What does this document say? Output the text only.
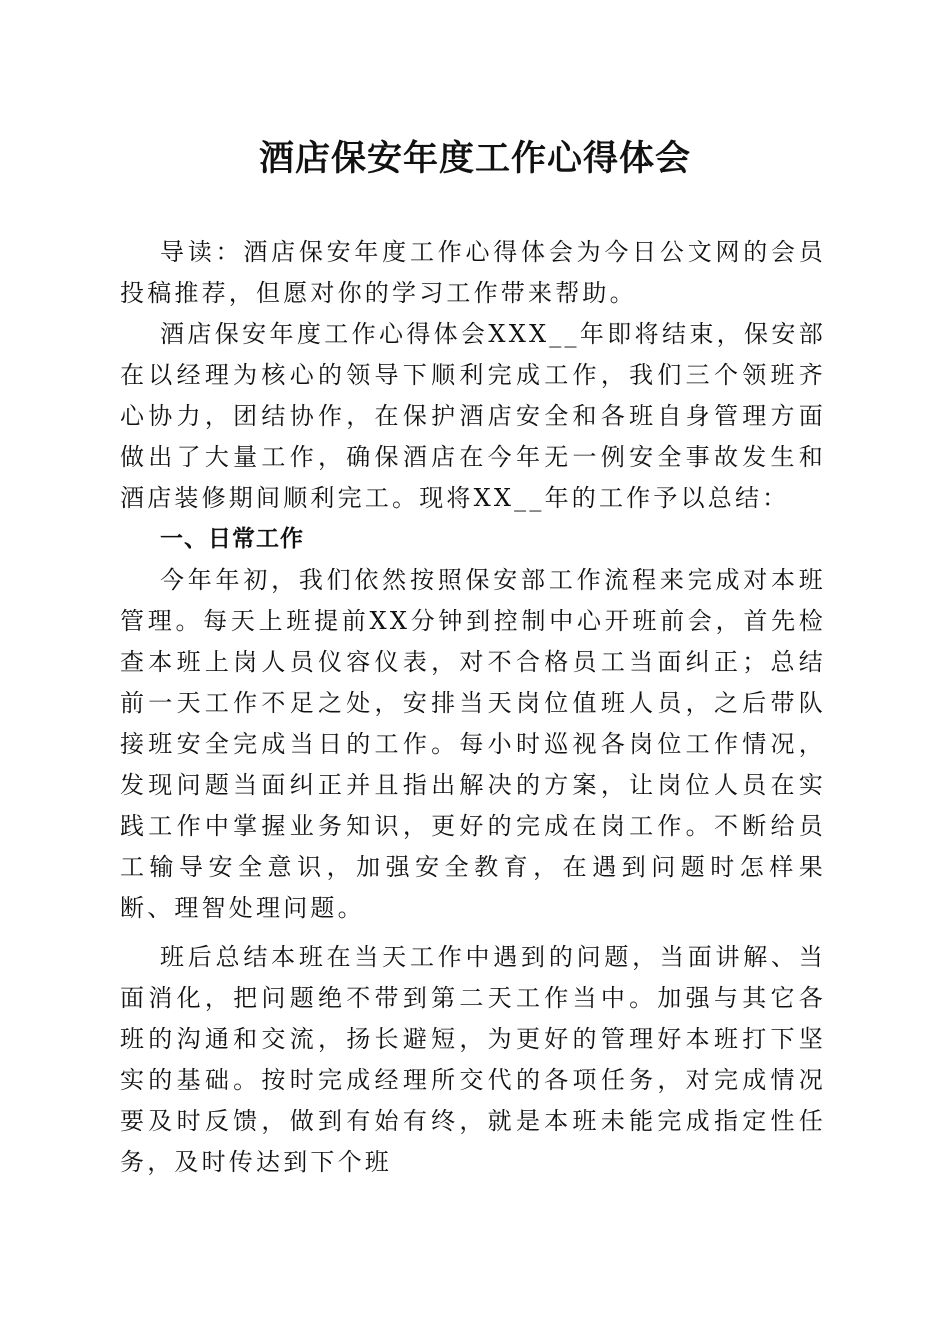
酒店保安年度工作心得体会

导读：酒店保安年度工作心得体会为今日公文网的会员投稿推荐，但愿对你的学习工作带来帮助。

酒店保安年度工作心得体会XXX__年即将结束，保安部在以经理为核心的领导下顺利完成工作，我们三个领班齐心协力，团结协作，在保护酒店安全和各班自身管理方面做出了大量工作，确保酒店在今年无一例安全事故发生和酒店装修期间顺利完工。现将XX__年的工作予以总结：

一、日常工作

今年年初，我们依然按照保安部工作流程来完成对本班管理。每天上班提前XX分钟到控制中心开班前会，首先检查本班上岗人员仪容仪表，对不合格员工当面纠正；总结前一天工作不足之处，安排当天岗位值班人员，之后带队接班安全完成当日的工作。每小时巡视各岗位工作情况，发现问题当面纠正并且指出解决的方案，让岗位人员在实践工作中掌握业务知识，更好的完成在岗工作。不断给员工输导安全意识，加强安全教育，在遇到问题时怎样果断、理智处理问题。

班后总结本班在当天工作中遇到的问题，当面讲解、当面消化，把问题绝不带到第二天工作当中。加强与其它各班的沟通和交流，扬长避短，为更好的管理好本班打下坚实的基础。按时完成经理所交代的各项任务，对完成情况要及时反馈，做到有始有终，就是本班未能完成指定性任务，及时传达到下个班
